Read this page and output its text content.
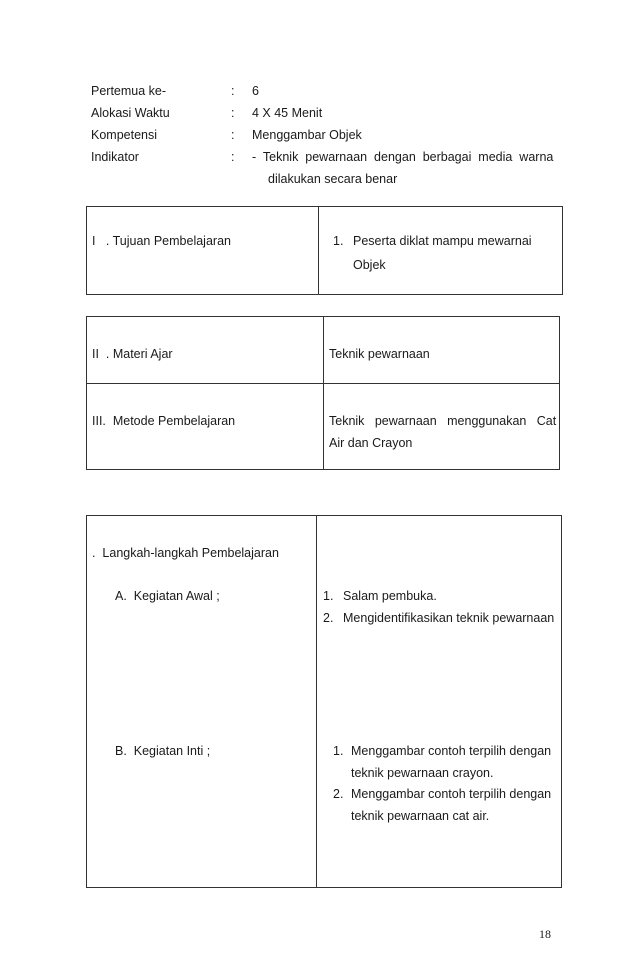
Pertemua ke-	: 6
Alokasi Waktu	: 4 X 45 Menit
Kompetensi	: Menggambar Objek
Indikator	: -  Teknik  pewarnaan  dengan  berbagai  media  warna
dilakukan secara benar
I   . Tujuan Pembelajaran	1. Peserta diklat mampu mewarnai
Objek
II  . Materi Ajar	Teknik pewarnaan
III.  Metode Pembelajaran	Teknik   pewarnaan   menggunakan   Cat
Air dan Crayon
.  Langkah-langkah Pembelajaran
A.  Kegiatan Awal ;	1. Salam pembuka.
2. Mengidentifikasikan teknik pewarnaan
B.  Kegiatan Inti ;	1. Menggambar contoh terpilih dengan
teknik pewarnaan crayon.
2. Menggambar contoh terpilih dengan
teknik pewarnaan cat air.
18
